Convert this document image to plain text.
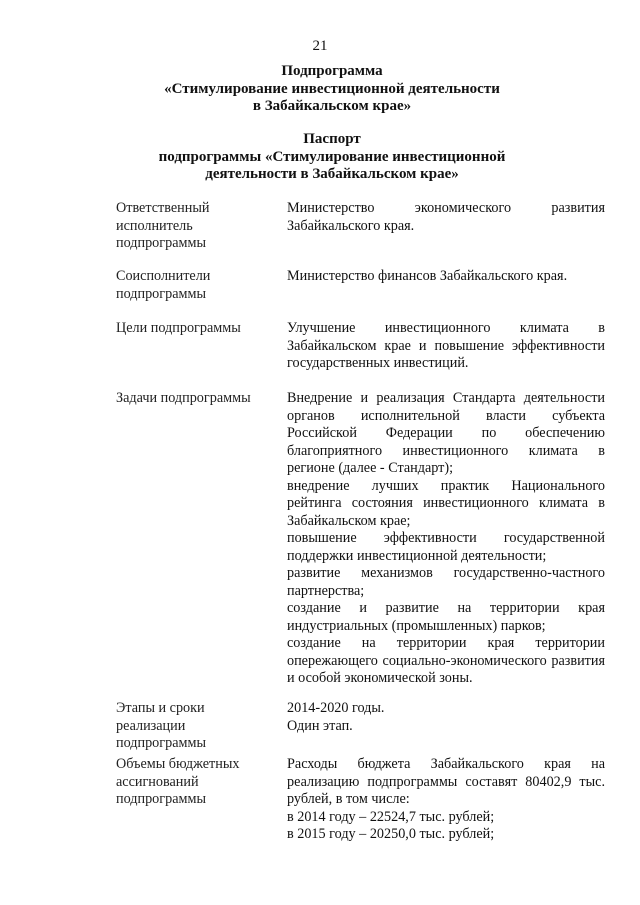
21
Подпрограмма
«Стимулирование инвестиционной деятельности
в Забайкальском крае»
Паспорт
подпрограммы «Стимулирование инвестиционной
деятельности в Забайкальском крае»
Ответственный
исполнитель
подпрограммы

Министерство экономического развития Забайкальского края.

Соисполнители
подпрограммы

Министерство финансов Забайкальского края.

Цели подпрограммы	Улучшение инвестиционного климата в Забайкальском крае и повышение эффективности государственных инвестиций.

Задачи подпрограммы	Внедрение и реализация Стандарта деятельности органов исполнительной власти субъекта Российской Федерации по обеспечению благоприятного инвестиционного климата в регионе (далее - Стандарт);

внедрение лучших практик Национального рейтинга состояния инвестиционного климата в Забайкальском крае;

повышение эффективности государственной поддержки инвестиционной деятельности;

развитие механизмов государственно-частного партнерства;

создание и развитие на территории края индустриальных (промышленных) парков;

создание на территории края территории опережающего социально-экономического развития и особой экономической зоны.

Этапы и сроки
реализации
подпрограммы

2014-2020 годы.

Один этап.

Объемы бюджетных
ассигнований
подпрограммы

Расходы бюджета Забайкальского края на реализацию подпрограммы составят 80402,9 тыс. рублей, в том числе:

в 2014 году – 22524,7 тыс. рублей;

в 2015 году – 20250,0 тыс. рублей;
